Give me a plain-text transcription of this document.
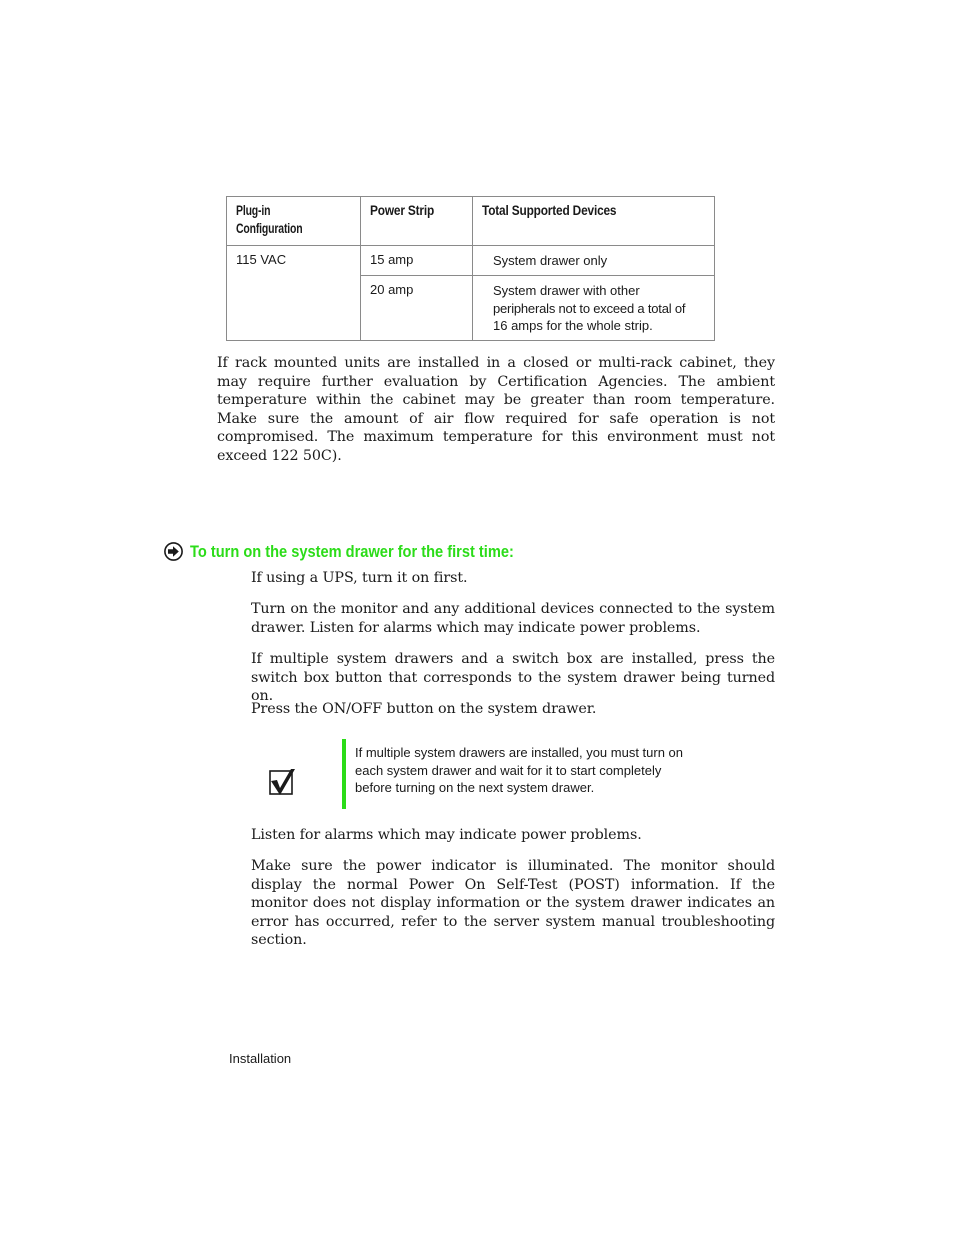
Plug-in
Configuration	Power Strip	Total Supported Devices
115 VAC	15 amp	System drawer only
	20 amp	System drawer with other
peripherals not to exceed a total of
16 amps for the whole strip.
If rack mounted units are installed in a closed or multi-rack cabinet, they may require further evaluation by Certification Agencies. The ambient temperature within the cabinet may be greater than room temperature. Make sure the amount of air flow required for safe operation is not compromised. The maximum temperature for this environment must not exceed 122 50C).
To turn on the system drawer for the first time:
If using a UPS, turn it on first.
Turn on the monitor and any additional devices connected to the system drawer. Listen for alarms which may indicate power problems.
If multiple system drawers and a switch box are installed, press the switch box button that corresponds to the system drawer being turned on.
Press the ON/OFF button on the system drawer.
If multiple system drawers are installed, you must turn on
each system drawer and wait for it to start completely
before turning on the next system drawer.
Listen for alarms which may indicate power problems.
Make sure the power indicator is illuminated. The monitor should display the normal Power On Self-Test (POST) information. If the monitor does not display information or the system drawer indicates an error has occurred, refer to the server system manual troubleshooting section.
Installation
